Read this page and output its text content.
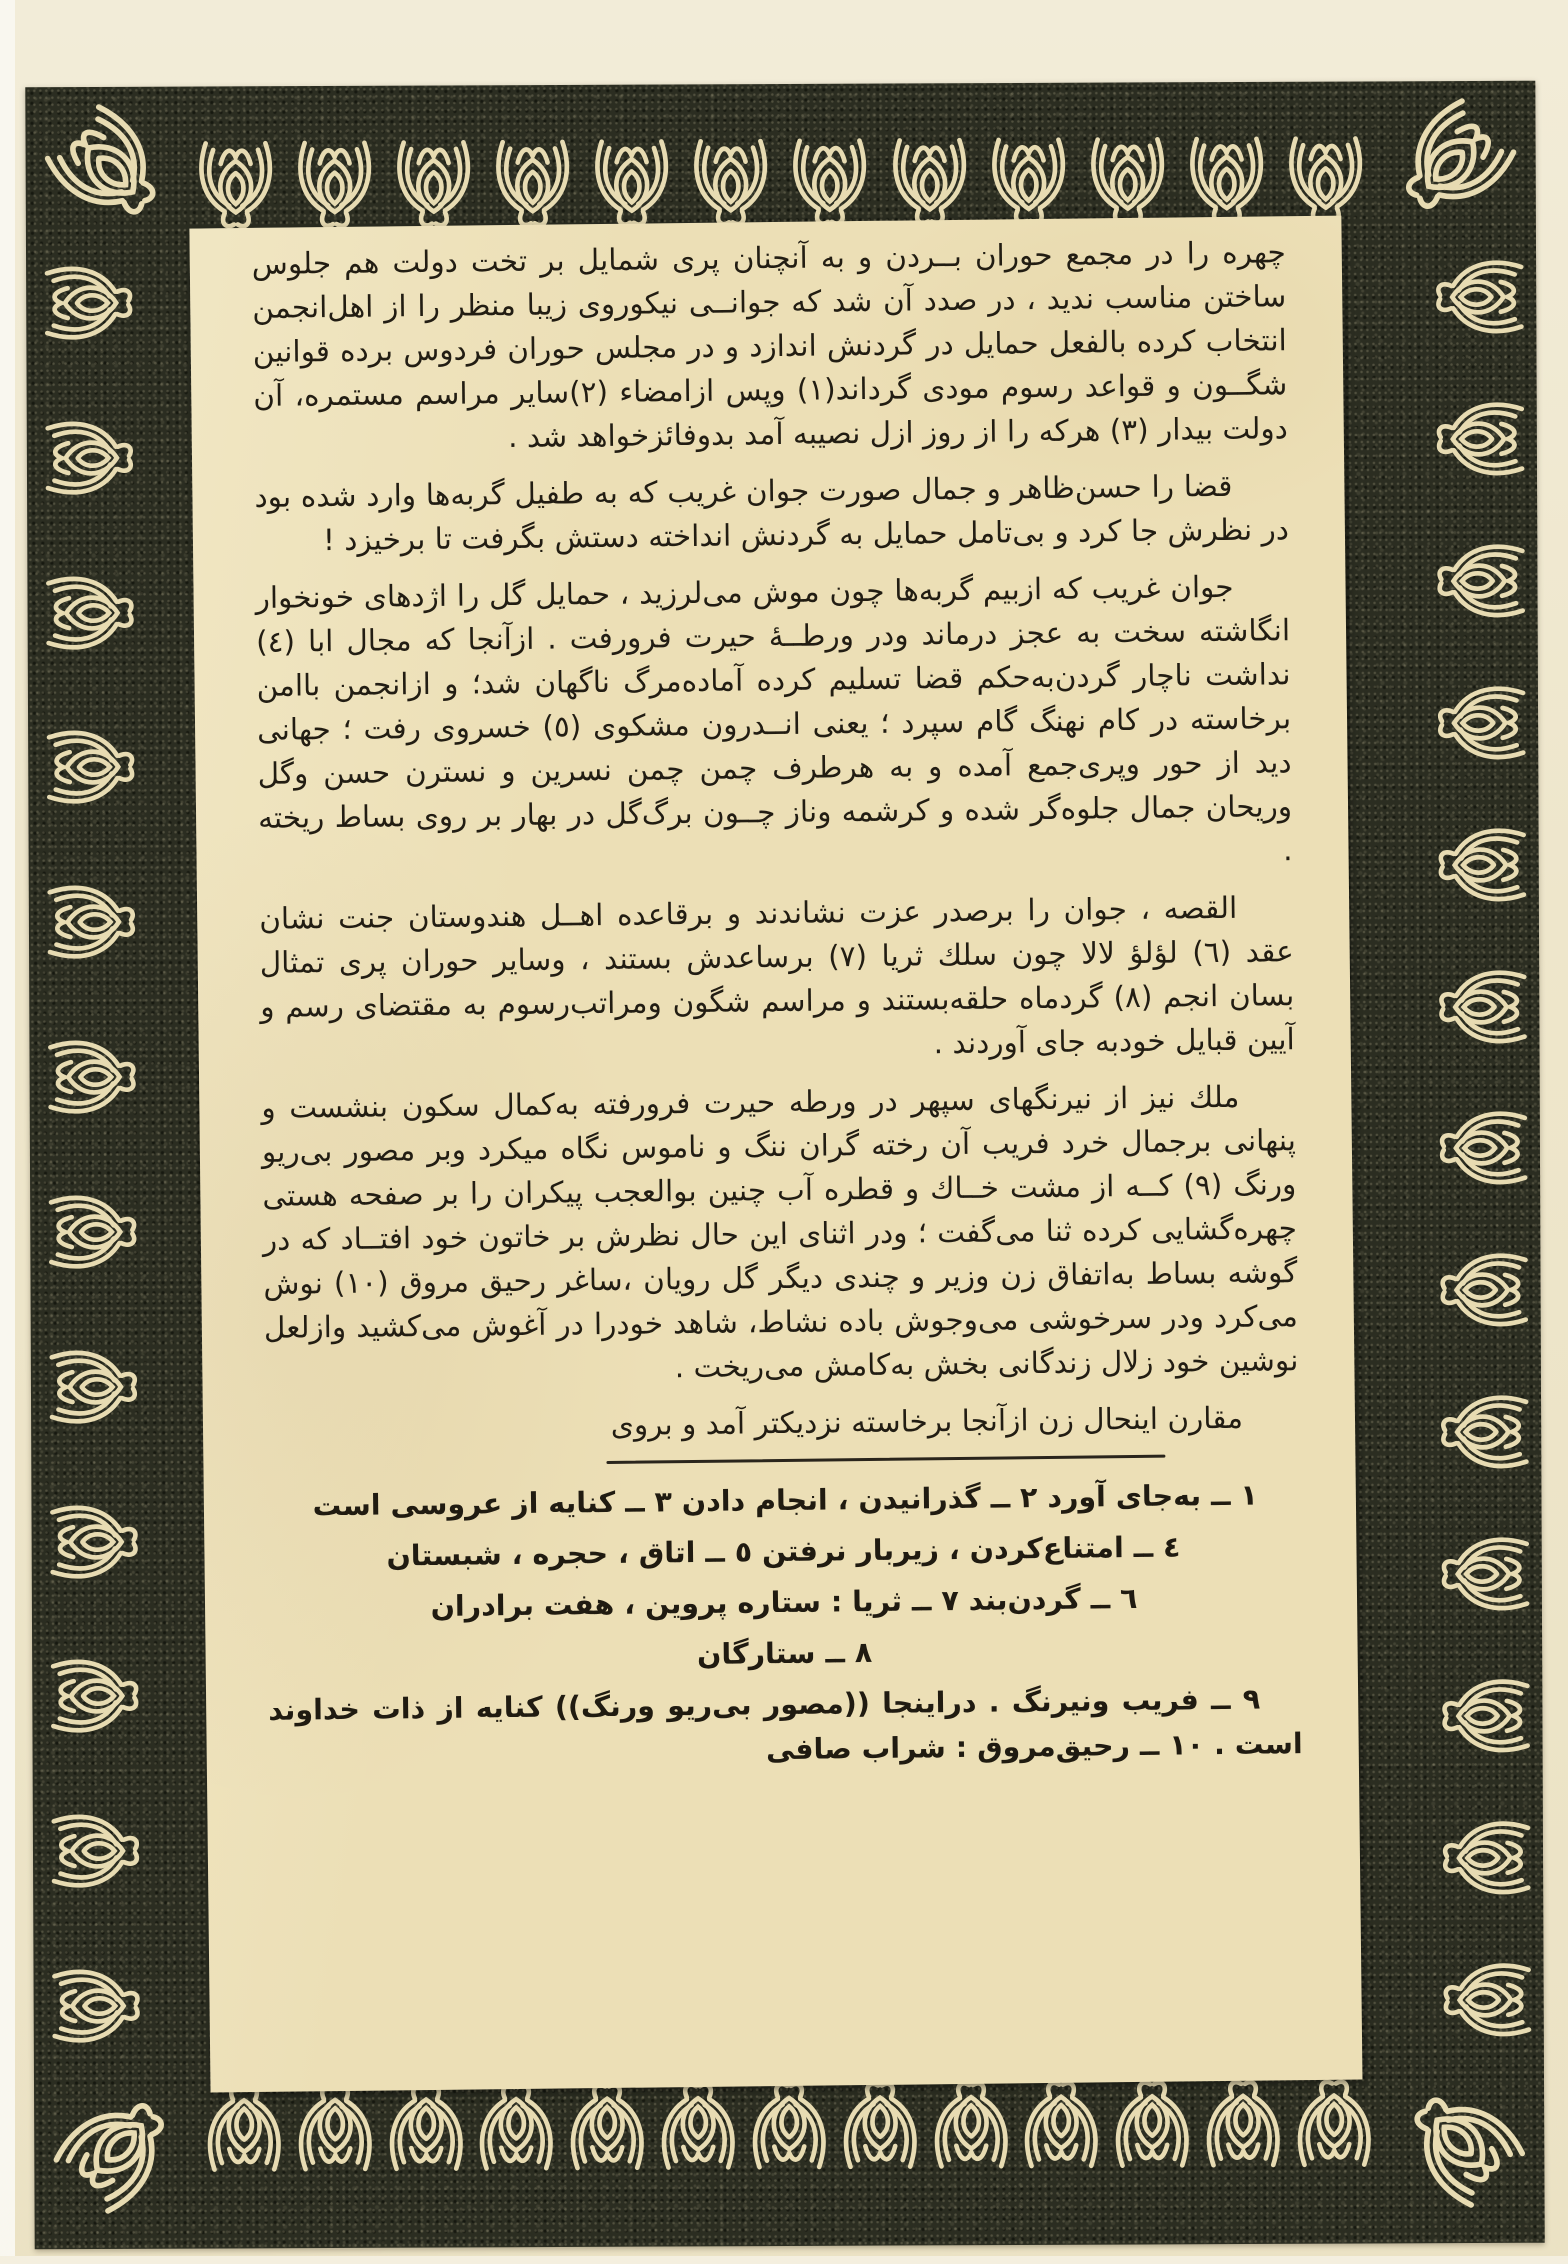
چهره را در مجمع حوران بــردن و به آنچنان پری شمایل بر تخت دولت هم جلوس ساختن مناسب ندید ، در صدد آن شد که جوانــی نیکوروی زیبا منظر را از اهل‌انجمن انتخاب کرده بالفعل حمایل در گردنش اندازد و در مجلس حوران فردوس برده قوانین شگــون و قواعد رسوم مودی گرداند(١) وپس ازامضاء (٢)سایر مراسم مستمره، آن دولت بیدار (٣) هرکه را از روز ازل نصیبه آمد بدوفائزخواهد شد .

قضا را حسن‌ظاهر و جمال صورت جوان غریب که به طفیل گربه‌ها وارد شده بود در نظرش جا کرد و بی‌تامل حمایل به گردنش انداخته دستش بگرفت تا برخیزد !

جوان غریب که ازبیم گربه‌ها چون موش می‌لرزید ، حمایل گل را اژدهای خونخوار انگاشته سخت به عجز درماند ودر ورطــهٔ حیرت فرورفت . ازآنجا که مجال ابا (٤) نداشت ناچار گردن‌به‌حکم قضا تسلیم کرده آماده‌مرگ ناگهان شد؛ و ازانجمن باامن برخاسته در کام نهنگ گام سپرد ؛ یعنی انــدرون مشکوی (٥) خسروی رفت ؛ جهانی دید از حور وپری‌جمع آمده و به هرطرف چمن چمن نسرین و نسترن حسن وگل وریحان جمال جلوه‌گر شده و کرشمه وناز چــون برگ‌گل در بهار بر روی بساط ریخته .

القصه ، جوان را برصدر عزت نشاندند و برقاعده اهــل هندوستان جنت نشان عقد (٦) لؤلؤ لالا چون سلك ثریا (٧) برساعدش بستند ، وسایر حوران پری تمثال بسان انجم (٨) گردماه حلقه‌بستند و مراسم شگون ومراتب‌رسوم به مقتضای رسم و آیین قبایل خودبه جای آوردند .

ملك نیز از نیرنگهای سپهر در ورطه حیرت فرورفته به‌کمال سکون بنشست و پنهانی برجمال خرد فریب آن رخته گران ننگ و ناموس نگاه میکرد وبر مصور بی‌ریو ورنگ (٩) کــه از مشت خــاك و قطره آب چنین بوالعجب پیکران را بر صفحه هستی چهره‌گشایی کرده ثنا می‌گفت ؛ ودر اثنای این حال نظرش بر خاتون خود افتــاد که در گوشه بساط به‌اتفاق زن وزیر و چندی دیگر گل رویان ،ساغر رحیق مروق (١٠) نوش می‌کرد ودر سرخوشی می‌وجوش باده نشاط، شاهد خودرا در آغوش می‌کشید وازلعل نوشین خود زلال زندگانی بخش به‌کامش می‌ریخت .

مقارن اینحال زن ازآنجا برخاسته نزدیکتر آمد و بروی

١ ــ به‌جای آورد ٢ ــ گذرانیدن ، انجام دادن ٣ ــ کنایه از عروسی است

٤ ــ امتناع‌کردن ، زیربار نرفتن ٥ ــ اتاق ، حجره ، شبستان

٦ ــ گردن‌بند ٧ ــ ثریا : ستاره پروین ، هفت برادران

٨ ــ ستارگان

٩ ــ فریب ونیرنگ . دراینجا ((مصور بی‌ریو ورنگ)) کنایه از ذات خداوند است . ١٠ ــ رحیق‌مروق : شراب صافی
